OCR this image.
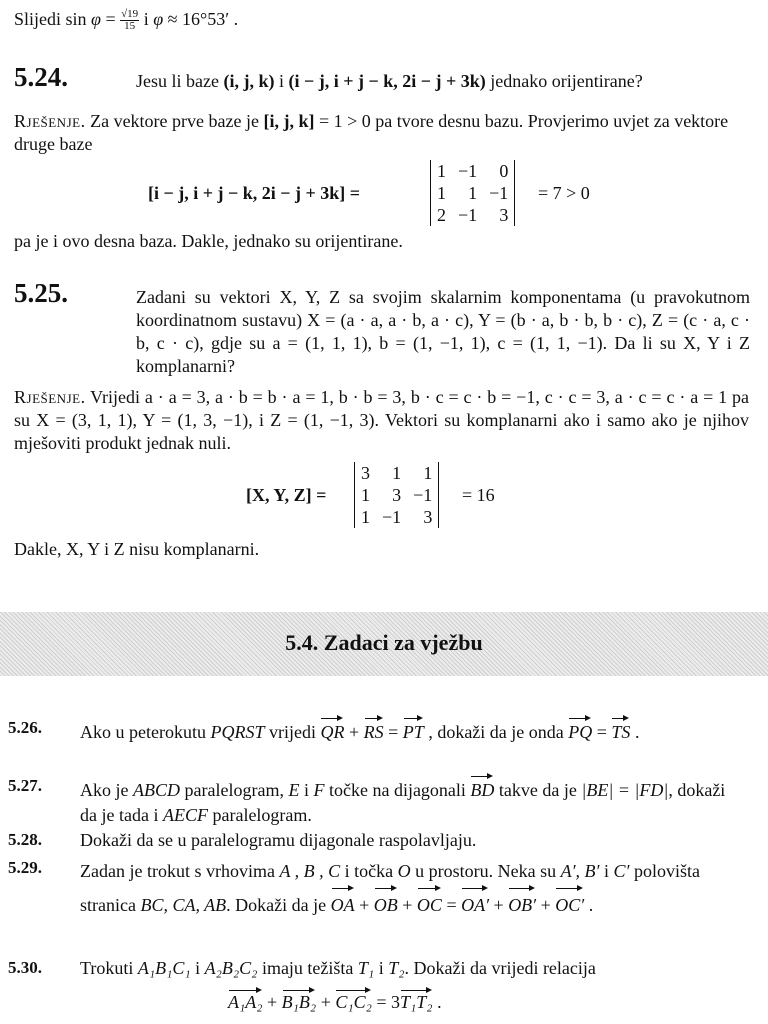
Slijedi $\sin \varphi = \frac{√19}{15}$ i φ ≈ 16°53′ .
5.24.	Jesu li baze (i, j, k) i (i − j, i + j − k, 2i − j + 3k) jednako orijentirane?
Rješenje. Za vektore prve baze je [i, j, k] = 1 > 0 pa tvore desnu bazu. Provjerimo uvjet za vektore druge baze
[i − j, i + j − k, 2i − j + 3k] =
1	−1	0
1	1	−1
2	−1	3
= 7 > 0
pa je i ovo desna baza. Dakle, jednako su orijentirane.
5.25.	Zadani su vektori X, Y, Z sa svojim skalarnim komponentama (u pravokutnom koordinatnom sustavu) X = (a · a, a · b, a · c), Y = (b · a, b · b, b · c), Z = (c · a, c · b, c · c), gdje su a = (1, 1, 1), b = (1, −1, 1), c = (1, 1, −1). Da li su X, Y i Z komplanarni?
Rješenje. Vrijedi a · a = 3, a · b = b · a = 1, b · b = 3, b · c = c · b = −1, c · c = 3, a · c = c · a = 1 pa su X = (3, 1, 1), Y = (1, 3, −1), i Z = (1, −1, 3). Vektori su komplanarni ako i samo ako je njihov mješoviti produkt jednak nuli.
[X, Y, Z] =
3	1	1
1	3	−1
1	−1	3
= 16
Dakle, X, Y i Z nisu komplanarni.
5.4. Zadaci za vježbu
5.26. Ako u peterokutu PQRST vrijedi QR + RS = PT , dokaži da je onda PQ = TS .
5.27. Ako je ABCD paralelogram, E i F točke na dijagonali BD takve da je |BE| = |FD|, dokaži da je tada i AECF paralelogram.
5.28. Dokaži da se u paralelogramu dijagonale raspolavljaju.
5.29. Zadan je trokut s vrhovima A , B , C i točka O u prostoru. Neka su A′, B′ i C′ polovišta stranica BC, CA, AB. Dokaži da je OA + OB + OC = OA′ + OB′ + OC′ .
5.30. Trokuti A₁B₁C₁ i A₂B₂C₂ imaju težišta T₁ i T₂. Dokaži da vrijedi relacija
A₁A₂ + B₁B₂ + C₁C₂ = 3T₁T₂ .
